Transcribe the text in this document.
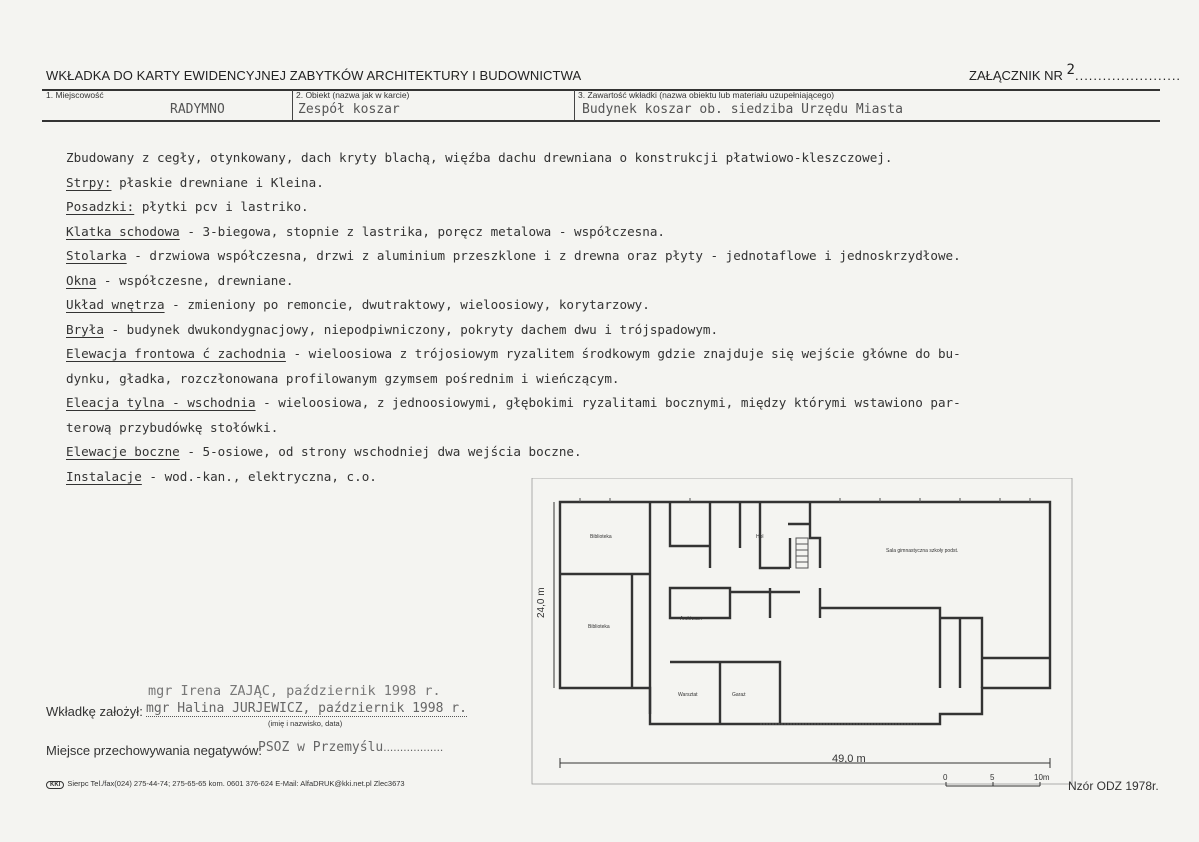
WKŁADKA DO KARTY EWIDENCYJNEJ ZABYTKÓW ARCHITEKTURY I BUDOWNICTWA	ZAŁĄCZNIK NR 2.......................
1. Miejscowość
RADYMNO
2. Obiekt (nazwa jak w karcie)
Zespół koszar
3. Zawartość wkładki (nazwa obiektu lub materiału uzupełniającego)
Budynek koszar ob. siedziba Urzędu Miasta

Zbudowany z cegły, otynkowany, dach kryty blachą, więźba dachu drewniana o konstrukcji płatwiowo-kleszczowej.

Strpy: płaskie drewniane i Kleina.

Posadzki: płytki pcv i lastriko.

Klatka schodowa - 3-biegowa, stopnie z lastrika, poręcz metalowa - współczesna.

Stolarka - drzwiowa współczesna, drzwi z aluminium przeszklone i z drewna oraz płyty - jednotaflowe i jednoskrzydłowe.

Okna - współczesne, drewniane.

Układ wnętrza - zmieniony po remoncie, dwutraktowy, wieloosiowy, korytarzowy.

Bryła - budynek dwukondygnacjowy, niepodpiwniczony, pokryty dachem dwu i trójspadowym.

Elewacja frontowa ć zachodnia - wieloosiowa z trójosiowym ryzalitem środkowym gdzie znajduje się wejście główne do bu-

dynku, gładka, rozczłonowana profilowanym gzymsem pośrednim i wieńczącym.

Eleacja tylna - wschodnia - wieloosiowa, z jednoosiowymi, głębokimi ryzalitami bocznymi, między którymi wstawiono par-

terową przybudówkę stołówki.

Elewacje boczne - 5-osiowe, od strony wschodniej dwa wejścia boczne.

Instalacje - wod.-kan., elektryczna, c.o.

mgr Irena ZAJĄC, październik 1998 r.
Wkładkę założył: mgr Halina JURJEWICZ, październik 1998 r.
(imię i nazwisko, data)
Miejsce przechowywania negatywów:
PSOZ w Przemyślu..................
Biblioteka
Biblioteka
Hol
Sala gimnastyczna szkoły podst.
Archiwum
Warsztat	Garaż
24,0 m
49,0 m
0	5	10m
KKI Sierpc Tel./fax(024) 275-44-74; 275-65-65 kom. 0601 376-624 E-Mail: AlfaDRUK@kki.net.pl Zlec3673	Nzór ODZ 1978r.
